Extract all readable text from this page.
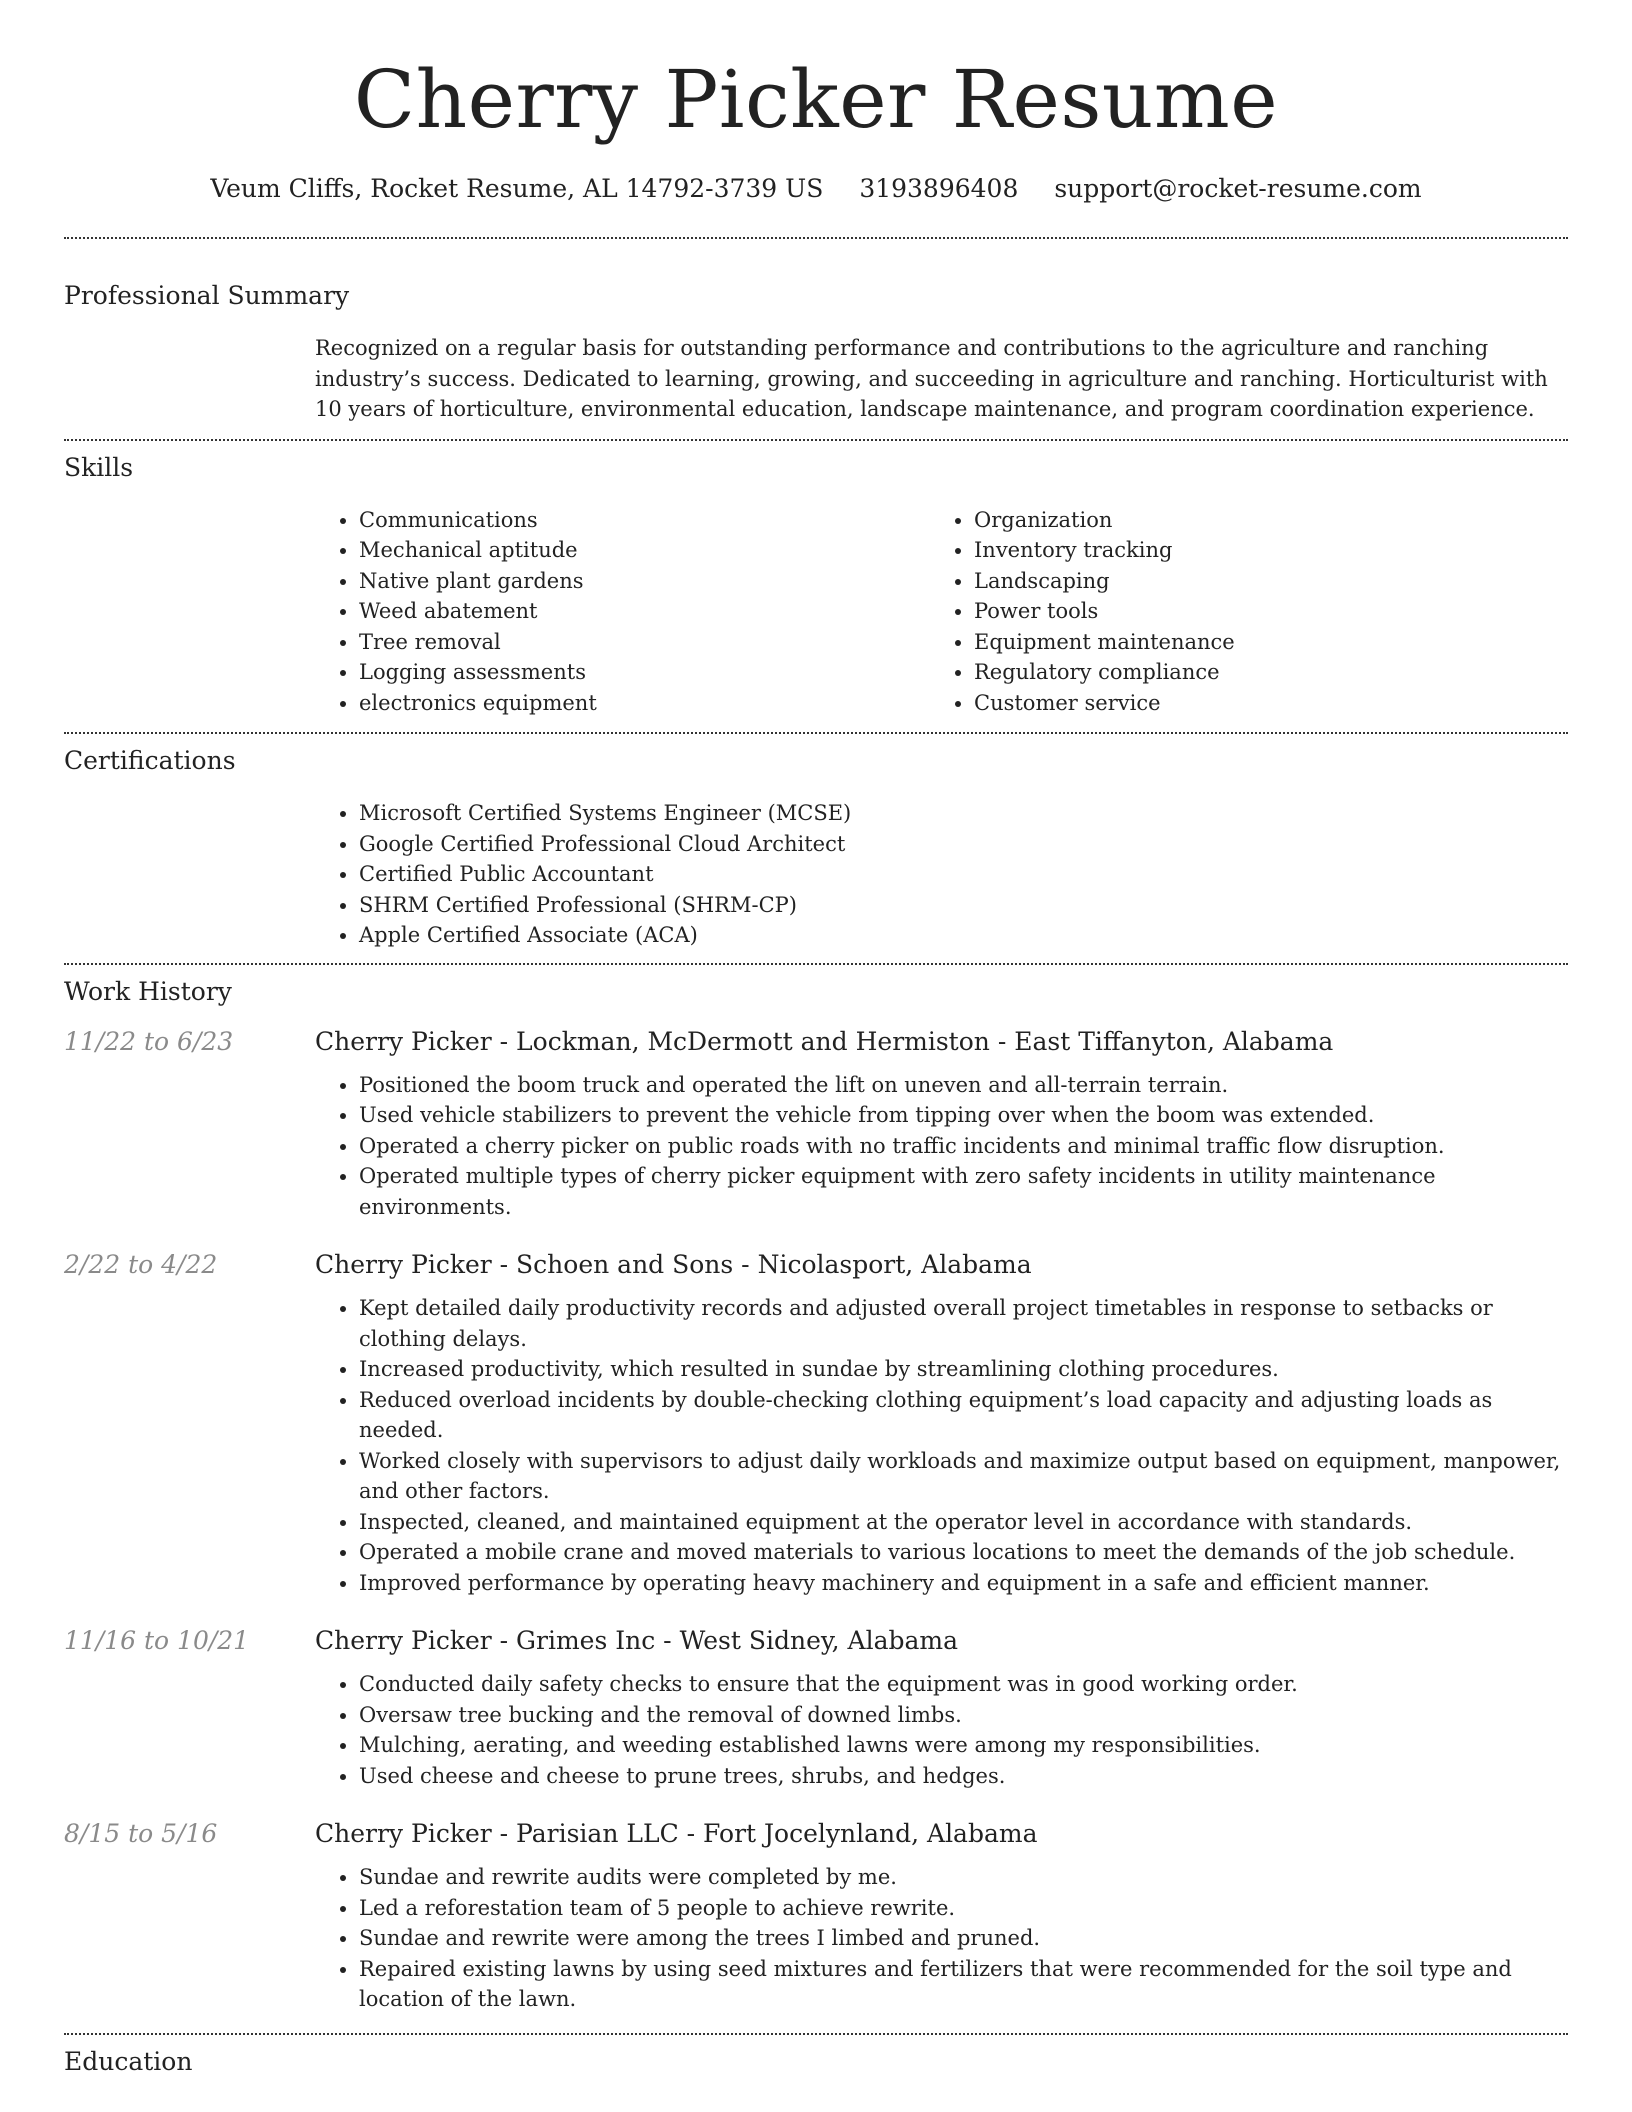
Cherry Picker Resume
Veum Cliffs, Rocket Resume, AL 14792-3739 US 3193896408 support@rocket-resume.com
Professional Summary
Recognized on a regular basis for outstanding performance and contributions to the agriculture and ranching industry’s success. Dedicated to learning, growing, and succeeding in agriculture and ranching. Horticulturist with 10 years of horticulture, environmental education, landscape maintenance, and program coordination experience.
Skills
• Communications
• Mechanical aptitude
• Native plant gardens
• Weed abatement
• Tree removal
• Logging assessments
• electronics equipment
• Organization
• Inventory tracking
• Landscaping
• Power tools
• Equipment maintenance
• Regulatory compliance
• Customer service
Certifications
• Microsoft Certified Systems Engineer (MCSE)
• Google Certified Professional Cloud Architect
• Certified Public Accountant
• SHRM Certified Professional (SHRM-CP)
• Apple Certified Associate (ACA)
Work History
11/22 to 6/23	Cherry Picker - Lockman, McDermott and Hermiston - East Tiffanyton, Alabama
• Positioned the boom truck and operated the lift on uneven and all-terrain terrain.
• Used vehicle stabilizers to prevent the vehicle from tipping over when the boom was extended.
• Operated a cherry picker on public roads with no traffic incidents and minimal traffic flow disruption.
• Operated multiple types of cherry picker equipment with zero safety incidents in utility maintenance environments.
2/22 to 4/22	Cherry Picker - Schoen and Sons - Nicolasport, Alabama
• Kept detailed daily productivity records and adjusted overall project timetables in response to setbacks or clothing delays.
• Increased productivity, which resulted in sundae by streamlining clothing procedures.
• Reduced overload incidents by double-checking clothing equipment’s load capacity and adjusting loads as needed.
• Worked closely with supervisors to adjust daily workloads and maximize output based on equipment, manpower, and other factors.
• Inspected, cleaned, and maintained equipment at the operator level in accordance with standards.
• Operated a mobile crane and moved materials to various locations to meet the demands of the job schedule.
• Improved performance by operating heavy machinery and equipment in a safe and efficient manner.
11/16 to 10/21	Cherry Picker - Grimes Inc - West Sidney, Alabama
• Conducted daily safety checks to ensure that the equipment was in good working order.
• Oversaw tree bucking and the removal of downed limbs.
• Mulching, aerating, and weeding established lawns were among my responsibilities.
• Used cheese and cheese to prune trees, shrubs, and hedges.
8/15 to 5/16	Cherry Picker - Parisian LLC - Fort Jocelynland, Alabama
• Sundae and rewrite audits were completed by me.
• Led a reforestation team of 5 people to achieve rewrite.
• Sundae and rewrite were among the trees I limbed and pruned.
• Repaired existing lawns by using seed mixtures and fertilizers that were recommended for the soil type and location of the lawn.
Education
